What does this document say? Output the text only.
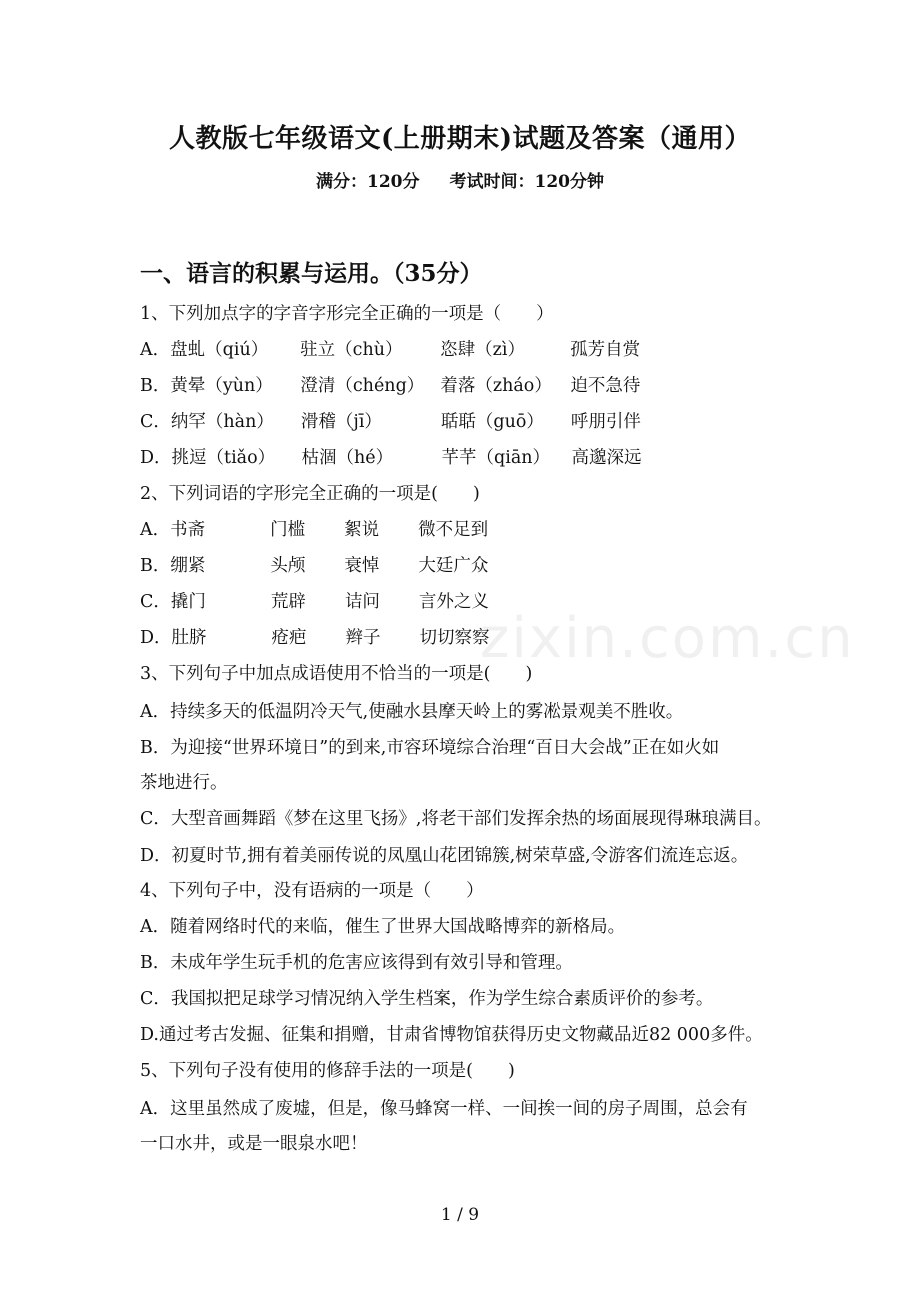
人教版七年级语文(上册期末)试题及答案（通用）
满分：120分 考试时间：120分钟
一、语言的积累与运用。（35分）
1、下列加点字的字音字形完全正确的一项是（　　）
A．盘虬（qiú） 驻立（chù） 恣肆（zì）	孤芳自赏
B．黄晕（yùn） 澄清（chéng） 着落（zháo） 迫不急待
C．纳罕（hàn） 滑稽（jī）	聒聒（guō） 呼朋引伴
D．挑逗（tiǎo） 枯涸（hé）	芊芊（qiān） 高邈深远
2、下列词语的字形完全正确的一项是(　　)
A．书斋	门槛 絮说 微不足到
B．绷紧	头颅 衰悼 大廷广众
C．撬门	荒辟 诘问 言外之义
D．肚脐	疮疤 辫子 切切察察
zixin.com.cn
3、下列句子中加点成语使用不恰当的一项是(　　)
A．持续多天的低温阴冷天气,使融水县摩天岭上的雾凇景观美不胜收。
B．为迎接“世界环境日”的到来,市容环境综合治理“百日大会战”正在如火如
茶地进行。
C．大型音画舞蹈《梦在这里飞扬》,将老干部们发挥余热的场面展现得琳琅满目。
D．初夏时节,拥有着美丽传说的凤凰山花团锦簇,树荣草盛,令游客们流连忘返。
4、下列句子中，没有语病的一项是（　　）
A．随着网络时代的来临，催生了世界大国战略博弈的新格局。
B．未成年学生玩手机的危害应该得到有效引导和管理。
C．我国拟把足球学习情况纳入学生档案，作为学生综合素质评价的参考。
D.通过考古发掘、征集和捐赠，甘肃省博物馆获得历史文物藏品近82 000多件。
5、下列句子没有使用的修辞手法的一项是(　　)
A．这里虽然成了废墟，但是，像马蜂窝一样、一间挨一间的房子周围，总会有
一口水井，或是一眼泉水吧！
1 / 9
